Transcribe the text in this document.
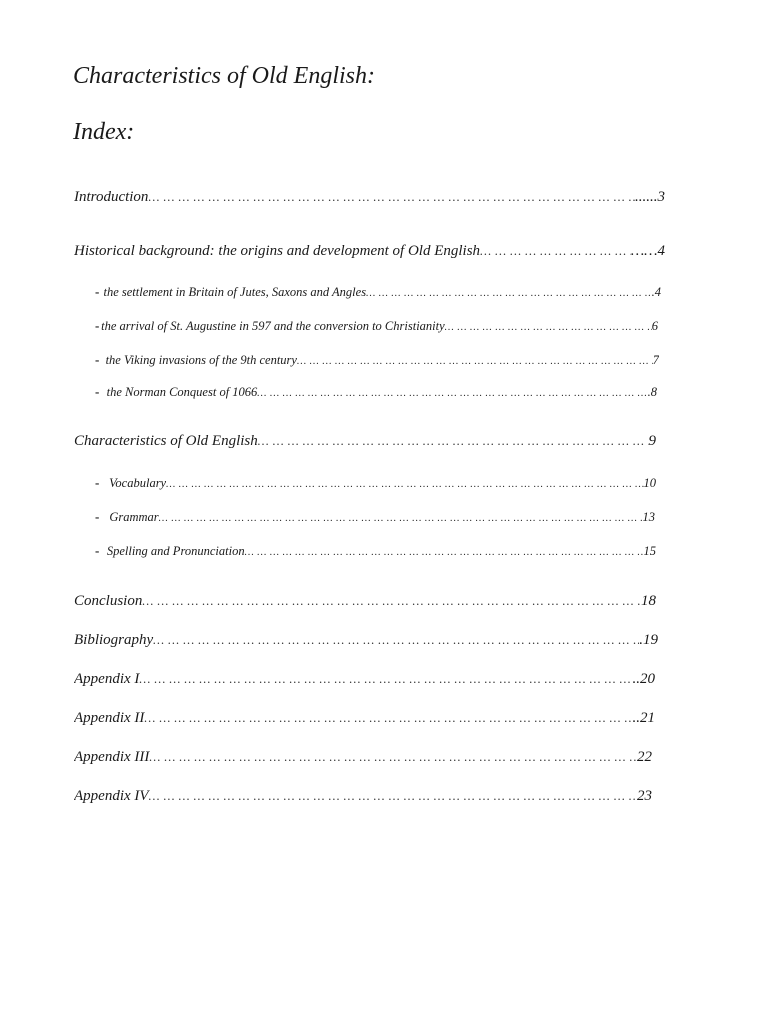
Characteristics of Old English:
Index:
Introduction … … … … … … … … … … … … … … … … … … … … … … … … … … … … … … … … … … … … … … … … … … … … … … … … … … … … … … … … … … … … … … … …	......3
Historical background: the origins and development of Old English … … … … … … … … … … … … … … … … … … … … … … … … … … … … … … … … … … … … … … … … … … … … … … … … … … … … … … … … … … … … … … … …	……4
- the settlement in Britain of Jutes, Saxons and Angles … … … … … … … … … … … … … … … … … … … … … … … … … … … … … … … … … … … … … … … … … … … … … … … … … … … … … … … … … … … … … … … …	.4
- the arrival of St. Augustine in 597 and the conversion to Christianity … … … … … … … … … … … … … … … … … … … … … … … … … … … … … … … … … … … … … … … … … … … … … … … … … … … … … … … … … … … … … … … …	6
- the Viking invasions of the 9th century … … … … … … … … … … … … … … … … … … … … … … … … … … … … … … … … … … … … … … … … … … … … … … … … … … … … … … … … … … … … … … … …	7
- the Norman Conquest of 1066 … … … … … … … … … … … … … … … … … … … … … … … … … … … … … … … … … … … … … … … … … … … … … … … … … … … … … … … … … … … … … … … …	.8
Characteristics of Old English … … … … … … … … … … … … … … … … … … … … … … … … … … … … … … … … … … … … … … … … … … … … … … … … … … … … … … … … … … … … … … … …	9
- Vocabulary … … … … … … … … … … … … … … … … … … … … … … … … … … … … … … … … … … … … … … … … … … … … … … … … … … … … … … … … … … … … … … … …	10
- Grammar … … … … … … … … … … … … … … … … … … … … … … … … … … … … … … … … … … … … … … … … … … … … … … … … … … … … … … … … … … … … … … … …	13
- Spelling and Pronunciation … … … … … … … … … … … … … … … … … … … … … … … … … … … … … … … … … … … … … … … … … … … … … … … … … … … … … … … … … … … … … … … …	15
Conclusion … … … … … … … … … … … … … … … … … … … … … … … … … … … … … … … … … … … … … … … … … … … … … … … … … … … … … … … … … … … … … … … …	18
Bibliography … … … … … … … … … … … … … … … … … … … … … … … … … … … … … … … … … … … … … … … … … … … … … … … … … … … … … … … … … … … … … … … …	.19
Appendix I … … … … … … … … … … … … … … … … … … … … … … … … … … … … … … … … … … … … … … … … … … … … … … … … … … … … … … … … … … … … … … … …	..20
Appendix II … … … … … … … … … … … … … … … … … … … … … … … … … … … … … … … … … … … … … … … … … … … … … … … … … … … … … … … … … … … … … … … …	..21
Appendix III … … … … … … … … … … … … … … … … … … … … … … … … … … … … … … … … … … … … … … … … … … … … … … … … … … … … … … … … … … … … … … … …	22
Appendix IV … … … … … … … … … … … … … … … … … … … … … … … … … … … … … … … … … … … … … … … … … … … … … … … … … … … … … … … … … … … … … … … …	23
